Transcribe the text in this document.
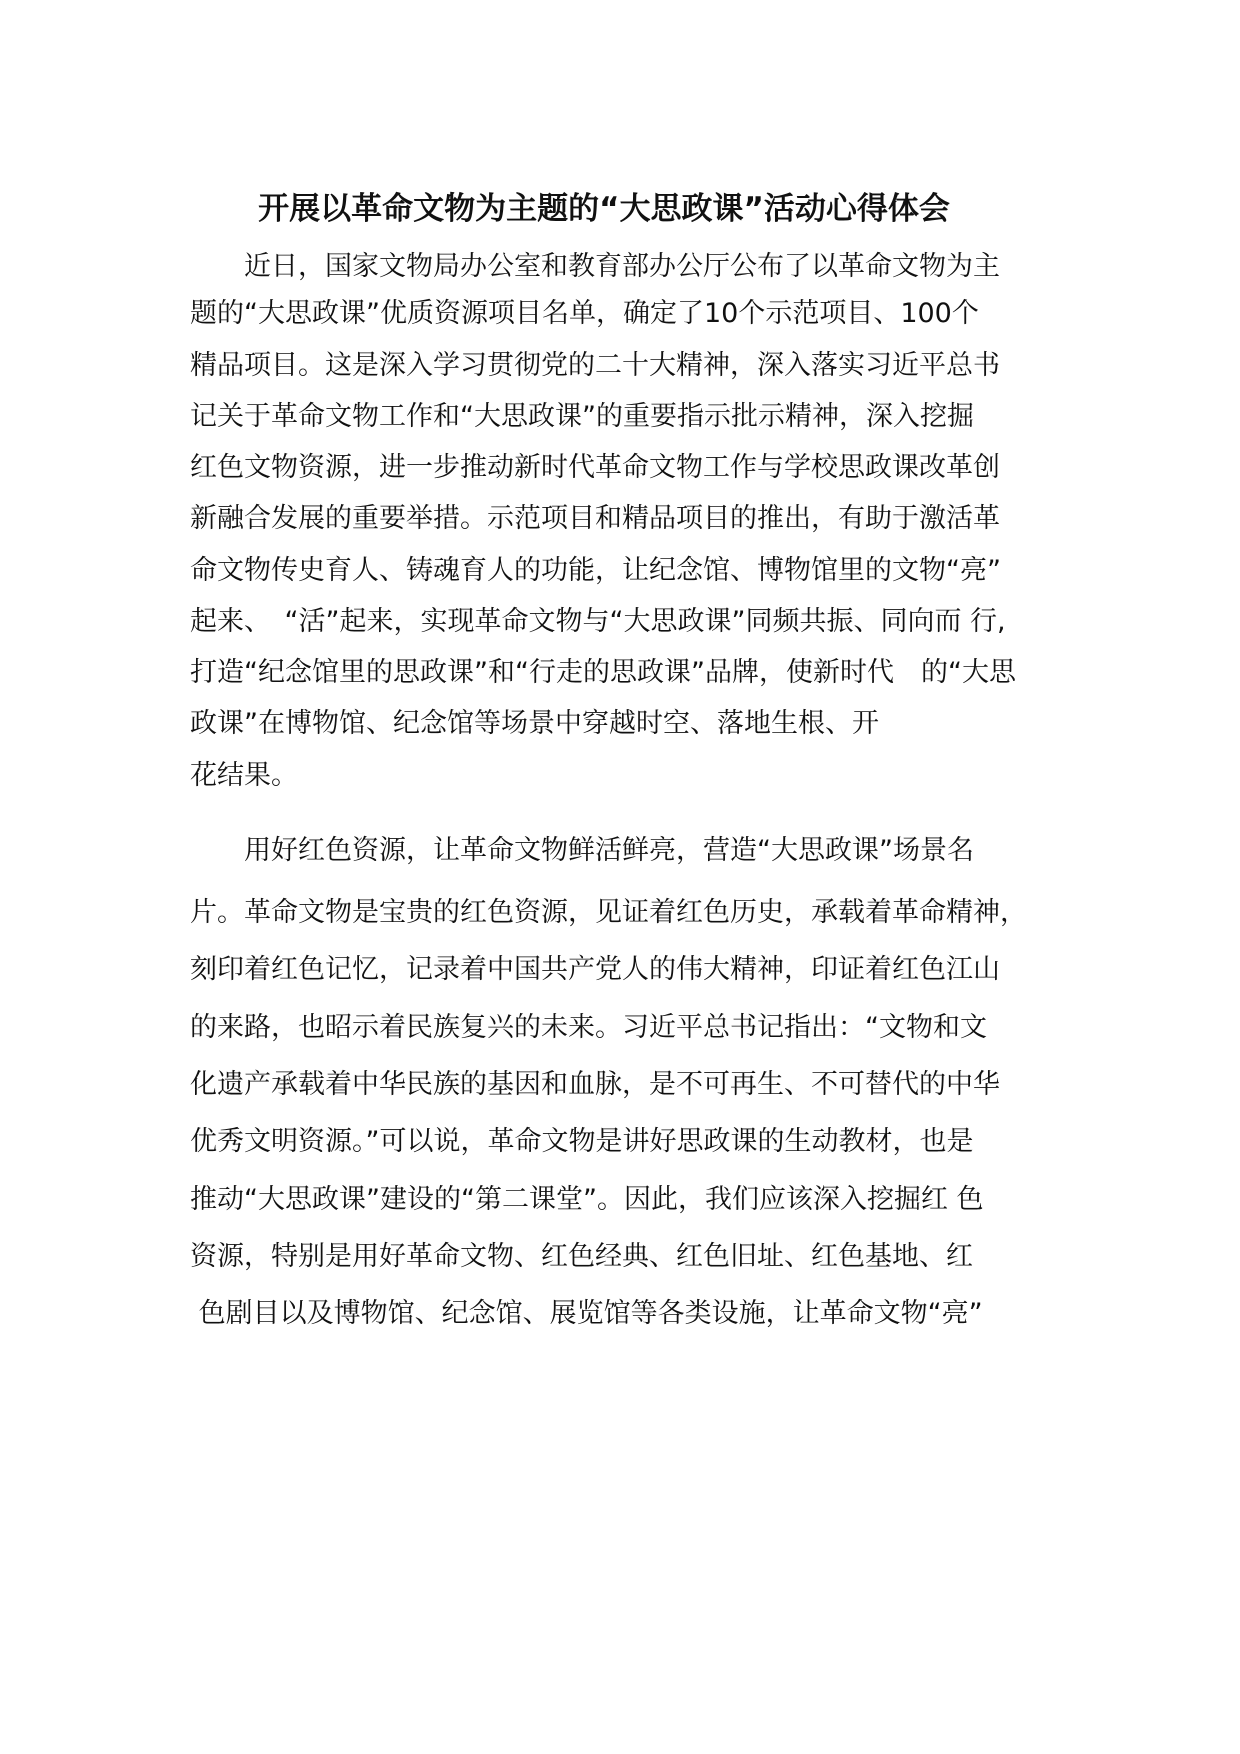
开展以革命文物为主题的“大思政课”活动心得体会
　　近日，国家文物局办公室和教育部办公厅公布了以革命文物为主
题的“大思政课”优质资源项目名单，确定了10个示范项目、100个
精品项目。这是深入学习贯彻党的二十大精神，深入落实习近平总书
记关于革命文物工作和“大思政课”的重要指示批示精神，深入挖掘
红色文物资源，进一步推动新时代革命文物工作与学校思政课改革创
新融合发展的重要举措。示范项目和精品项目的推出，有助于激活革
命文物传史育人、铸魂育人的功能，让纪念馆、博物馆里的文物“亮”
起来、　“活”起来，实现革命文物与“大思政课”同频共振、同向而 行,
打造“纪念馆里的思政课”和“行走的思政课”品牌，使新时代　的“大思
政课”在博物馆、纪念馆等场景中穿越时空、落地生根、开
花结果。
　　用好红色资源，让革命文物鲜活鲜亮，营造“大思政课”场景名
片。革命文物是宝贵的红色资源，见证着红色历史，承载着革命精神，
刻印着红色记忆，记录着中国共产党人的伟大精神，印证着红色江山
的来路，也昭示着民族复兴的未来。习近平总书记指出：“文物和文
化遗产承载着中华民族的基因和血脉，是不可再生、不可替代的中华
优秀文明资源。”可以说，革命文物是讲好思政课的生动教材，也是
推动“大思政课”建设的“第二课堂”。因此，我们应该深入挖掘红 色
资源，特别是用好革命文物、红色经典、红色旧址、红色基地、红
色剧目以及博物馆、纪念馆、展览馆等各类设施，让革命文物“亮”
